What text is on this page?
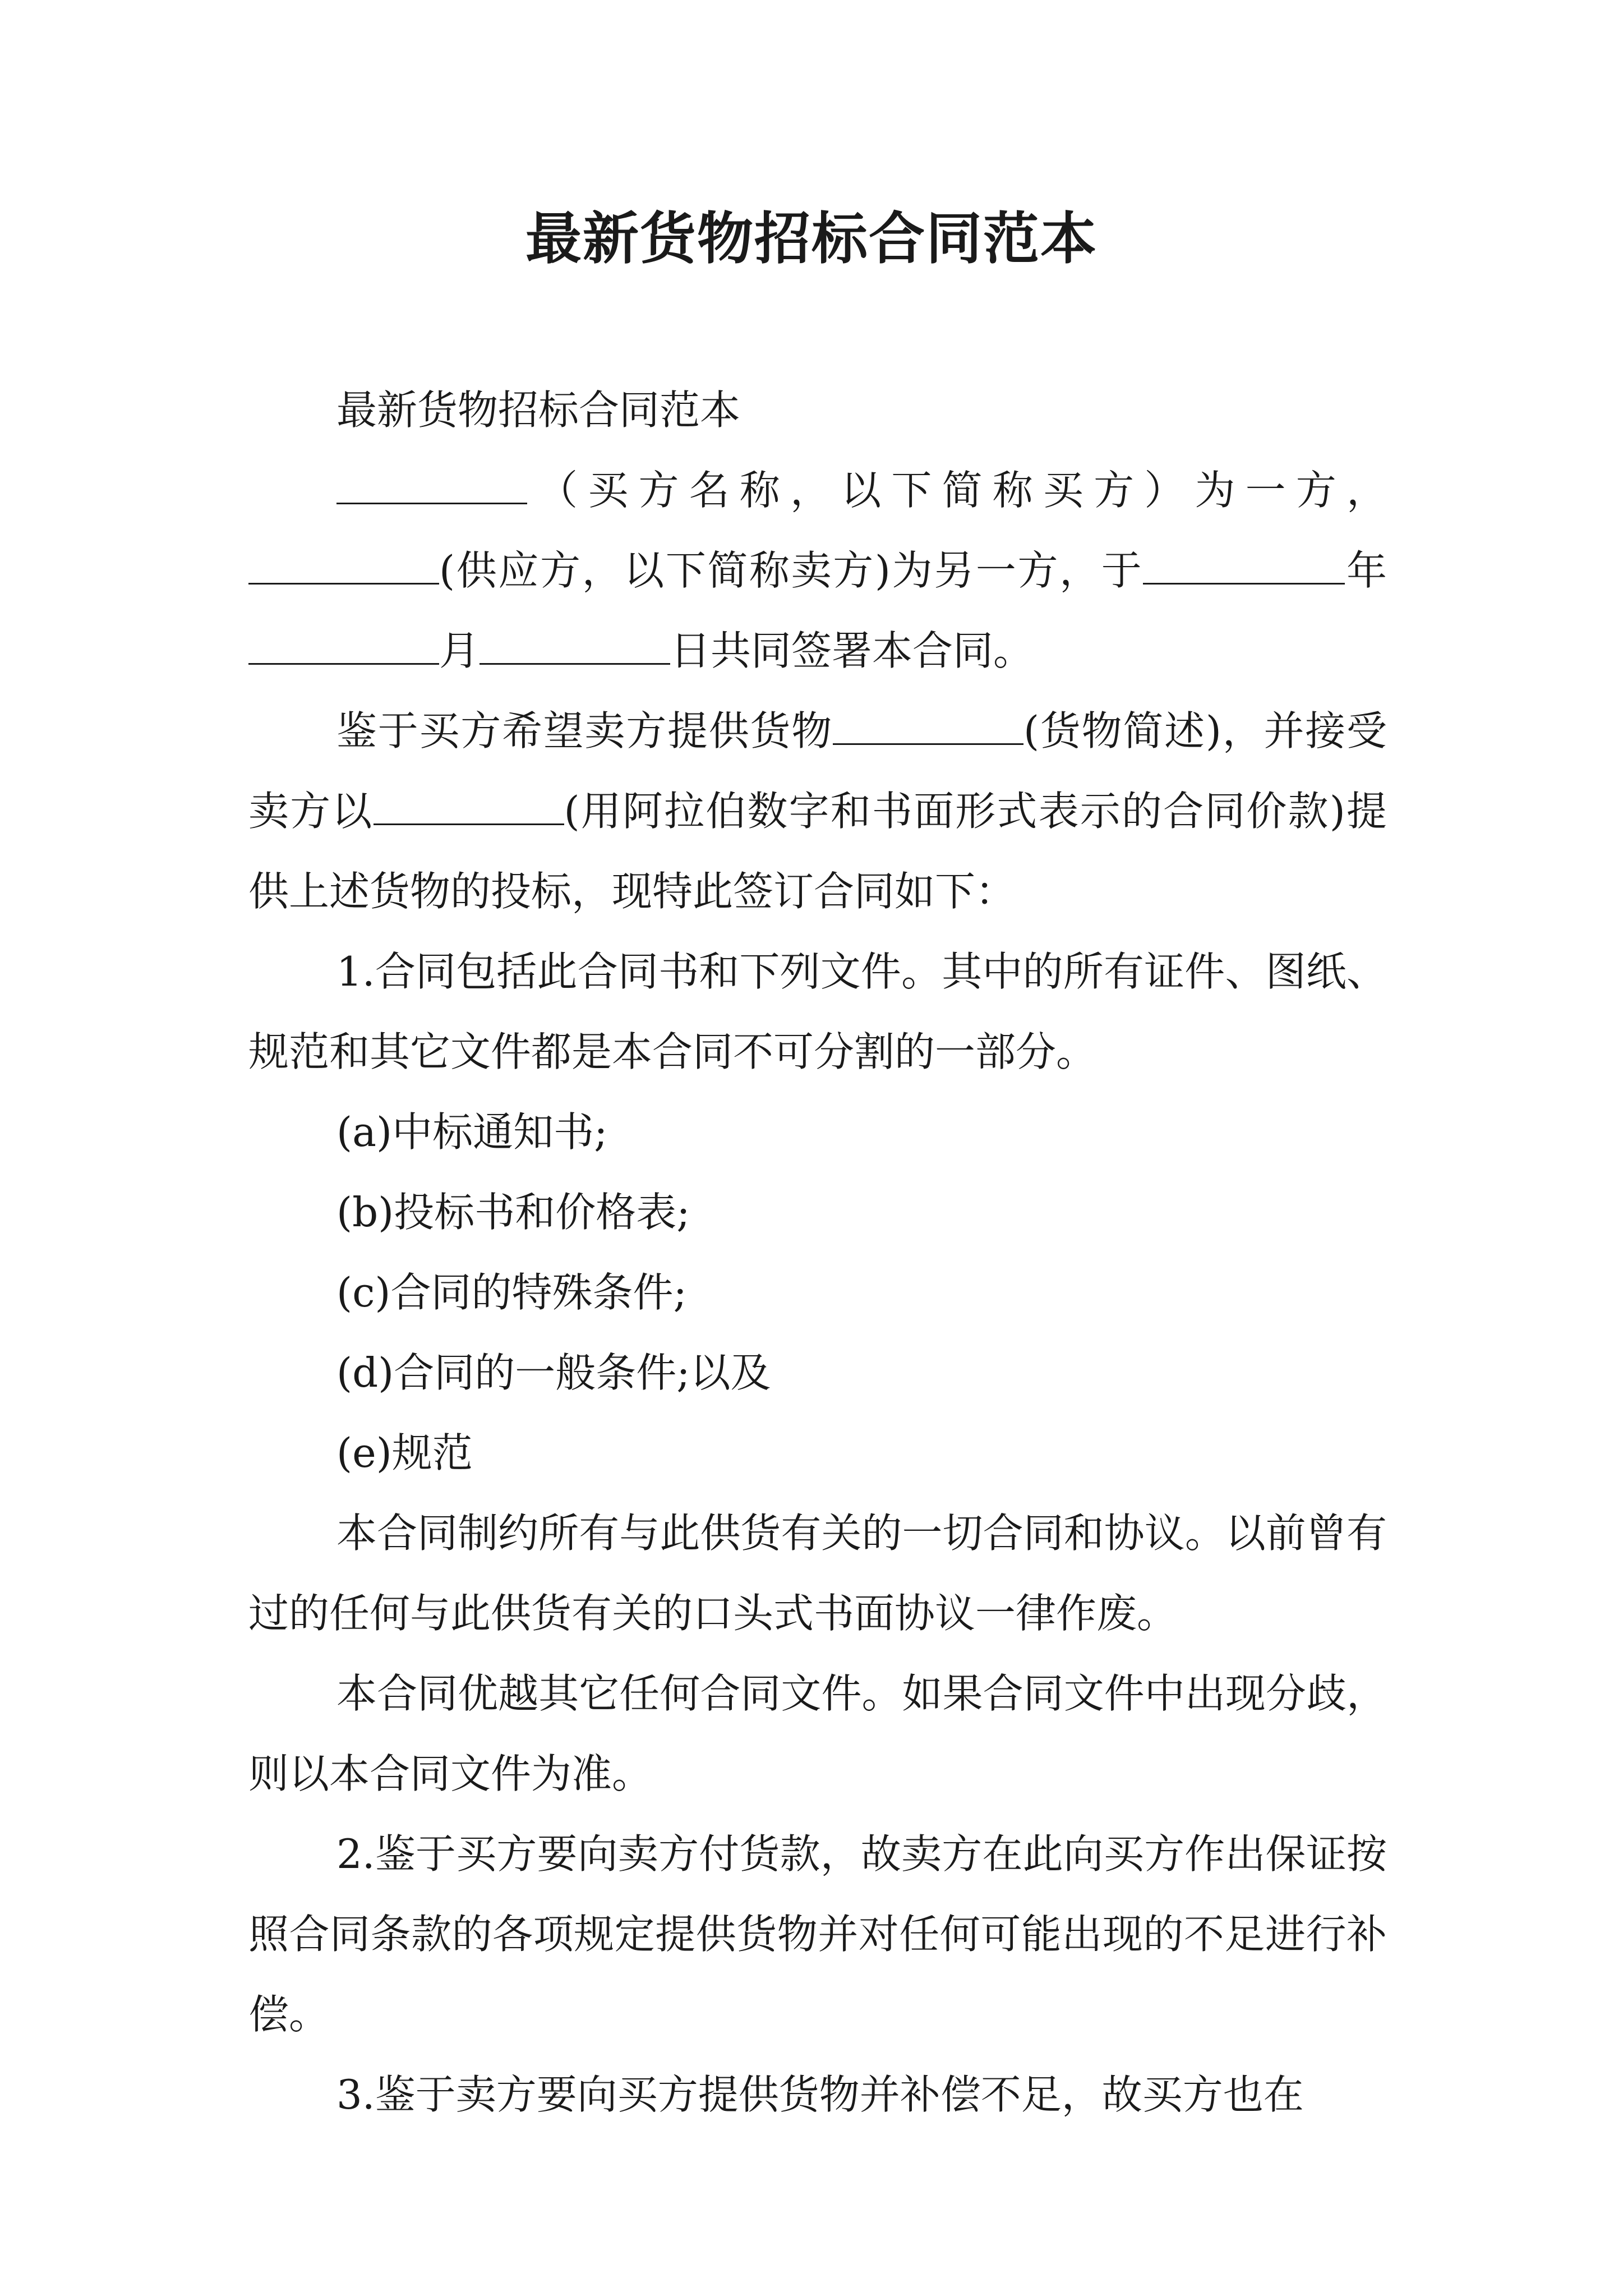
最新货物招标合同范本

最新货物招标合同范本

（买方名称，以下简称买方）为一方，(供应方，以下简称卖方)为另一方，于	年月	日共同签署本合同。

鉴于买方希望卖方提供货物	(货物简述)，并接受卖方以	(用阿拉伯数字和书面形式表示的合同价款)提供上述货物的投标，现特此签订合同如下：

1.合同包括此合同书和下列文件。其中的所有证件、图纸、规范和其它文件都是本合同不可分割的一部分。

(a)中标通知书;

(b)投标书和价格表;

(c)合同的特殊条件;

(d)合同的一般条件;以及

(e)规范

本合同制约所有与此供货有关的一切合同和协议。以前曾有过的任何与此供货有关的口头式书面协议一律作废。

本合同优越其它任何合同文件。如果合同文件中出现分歧，则以本合同文件为准。

2.鉴于买方要向卖方付货款，故卖方在此向买方作出保证按照合同条款的各项规定提供货物并对任何可能出现的不足进行补偿。

3.鉴于卖方要向买方提供货物并补偿不足，故买方也在
